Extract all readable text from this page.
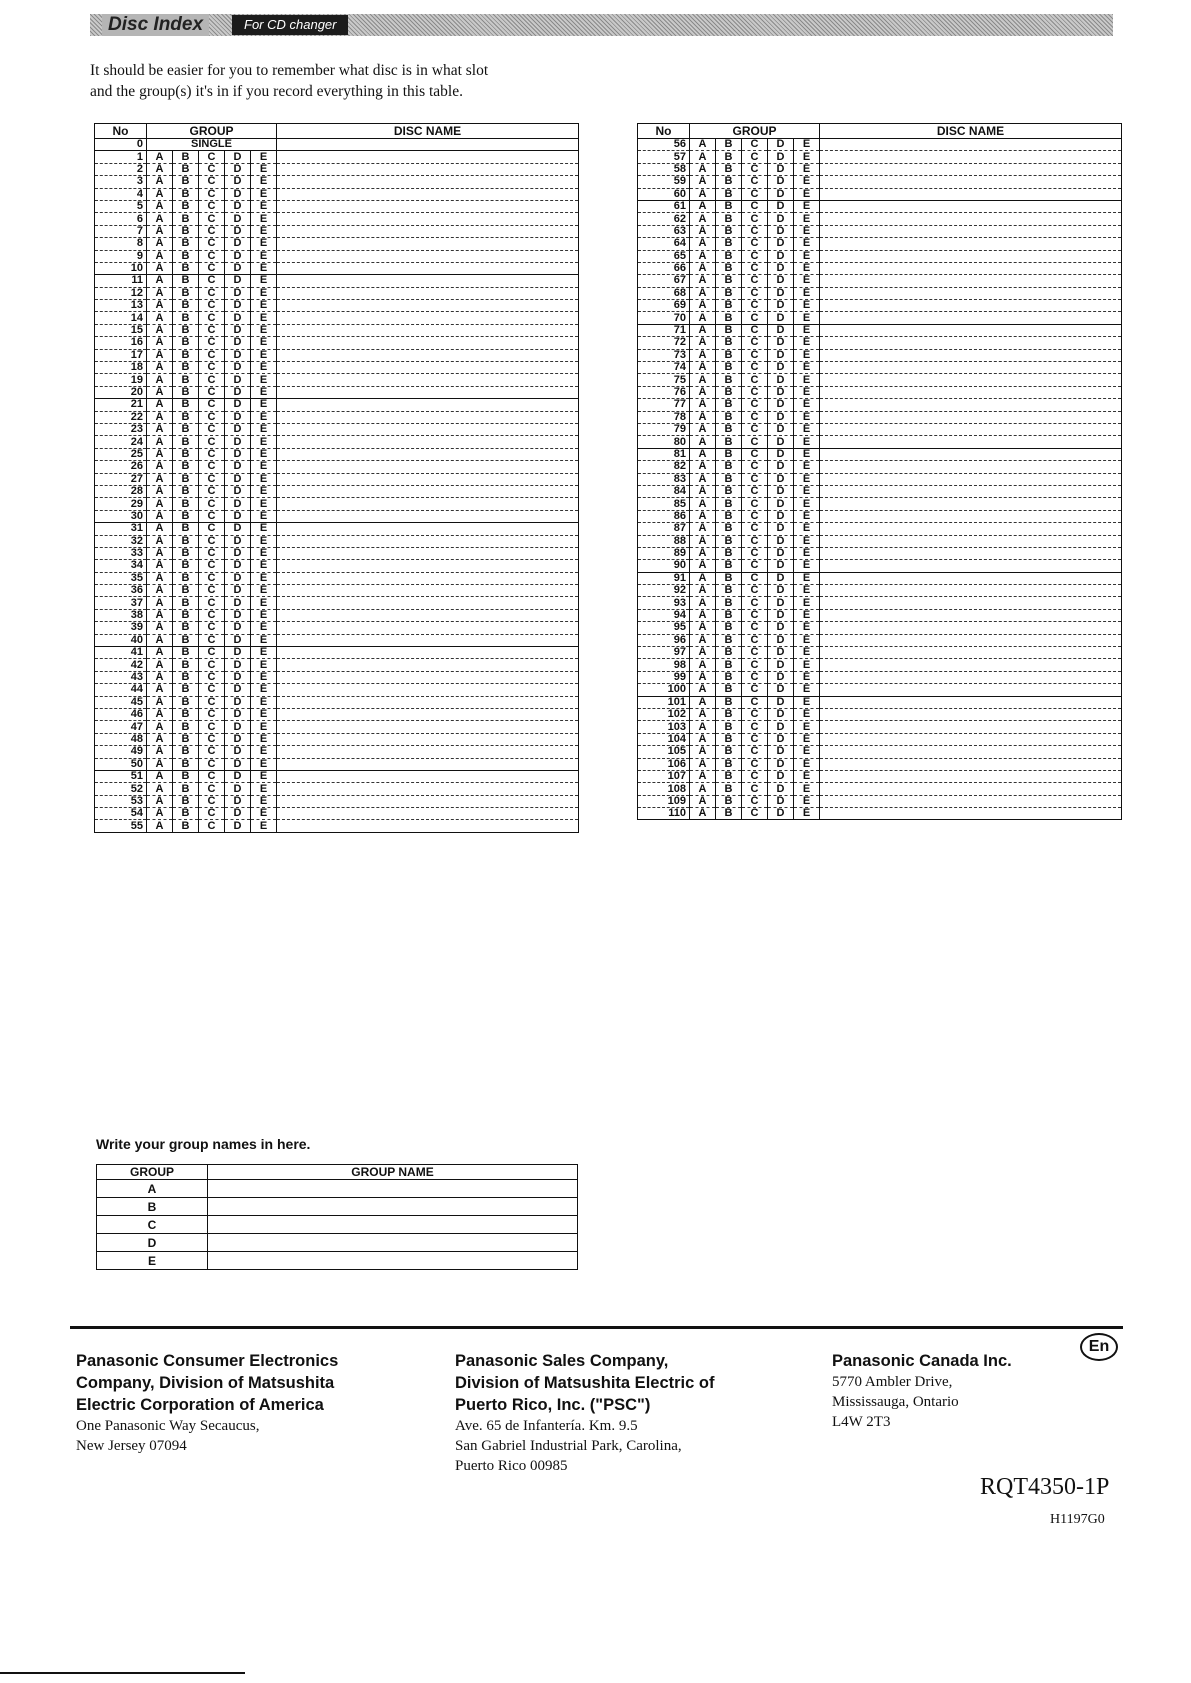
Disc Index	For CD changer
It should be easier for you to remember what disc is in what slot
and the group(s) it's in if you record everything in this table.
No	GROUP					DISC NAME
0	SINGLE					
1	A	B	C	D	E	
2	A	B	C	D	E	
3	A	B	C	D	E	
4	A	B	C	D	E	
5	A	B	C	D	E	
6	A	B	C	D	E	
7	A	B	C	D	E	
8	A	B	C	D	E	
9	A	B	C	D	E	
10	A	B	C	D	E	
11	A	B	C	D	E	
12	A	B	C	D	E	
13	A	B	C	D	E	
14	A	B	C	D	E	
15	A	B	C	D	E	
16	A	B	C	D	E	
17	A	B	C	D	E	
18	A	B	C	D	E	
19	A	B	C	D	E	
20	A	B	C	D	E	
21	A	B	C	D	E	
22	A	B	C	D	E	
23	A	B	C	D	E	
24	A	B	C	D	E	
25	A	B	C	D	E	
26	A	B	C	D	E	
27	A	B	C	D	E	
28	A	B	C	D	E	
29	A	B	C	D	E	
30	A	B	C	D	E	
31	A	B	C	D	E	
32	A	B	C	D	E	
33	A	B	C	D	E	
34	A	B	C	D	E	
35	A	B	C	D	E	
36	A	B	C	D	E	
37	A	B	C	D	E	
38	A	B	C	D	E	
39	A	B	C	D	E	
40	A	B	C	D	E	
41	A	B	C	D	E	
42	A	B	C	D	E	
43	A	B	C	D	E	
44	A	B	C	D	E	
45	A	B	C	D	E	
46	A	B	C	D	E	
47	A	B	C	D	E	
48	A	B	C	D	E	
49	A	B	C	D	E	
50	A	B	C	D	E	
51	A	B	C	D	E	
52	A	B	C	D	E	
53	A	B	C	D	E	
54	A	B	C	D	E	
55	A	B	C	D	E	
No	GROUP					DISC NAME
56	A	B	C	D	E	
57	A	B	C	D	E	
58	A	B	C	D	E	
59	A	B	C	D	E	
60	A	B	C	D	E	
61	A	B	C	D	E	
62	A	B	C	D	E	
63	A	B	C	D	E	
64	A	B	C	D	E	
65	A	B	C	D	E	
66	A	B	C	D	E	
67	A	B	C	D	E	
68	A	B	C	D	E	
69	A	B	C	D	E	
70	A	B	C	D	E	
71	A	B	C	D	E	
72	A	B	C	D	E	
73	A	B	C	D	E	
74	A	B	C	D	E	
75	A	B	C	D	E	
76	A	B	C	D	E	
77	A	B	C	D	E	
78	A	B	C	D	E	
79	A	B	C	D	E	
80	A	B	C	D	E	
81	A	B	C	D	E	
82	A	B	C	D	E	
83	A	B	C	D	E	
84	A	B	C	D	E	
85	A	B	C	D	E	
86	A	B	C	D	E	
87	A	B	C	D	E	
88	A	B	C	D	E	
89	A	B	C	D	E	
90	A	B	C	D	E	
91	A	B	C	D	E	
92	A	B	C	D	E	
93	A	B	C	D	E	
94	A	B	C	D	E	
95	A	B	C	D	E	
96	A	B	C	D	E	
97	A	B	C	D	E	
98	A	B	C	D	E	
99	A	B	C	D	E	
100	A	B	C	D	E	
101	A	B	C	D	E	
102	A	B	C	D	E	
103	A	B	C	D	E	
104	A	B	C	D	E	
105	A	B	C	D	E	
106	A	B	C	D	E	
107	A	B	C	D	E	
108	A	B	C	D	E	
109	A	B	C	D	E	
110	A	B	C	D	E	
Write your group names in here.
GROUP	GROUP NAME
A	
B	
C	
D	
E	
Panasonic Consumer Electronics
Company, Division of Matsushita
Electric Corporation of America
One Panasonic Way Secaucus,
New Jersey 07094
Panasonic Sales Company,
Division of Matsushita Electric of
Puerto Rico, Inc. ("PSC")
Ave. 65 de Infantería. Km. 9.5
San Gabriel Industrial Park, Carolina,
Puerto Rico 00985
Panasonic Canada Inc.
5770 Ambler Drive,
Mississauga, Ontario
L4W 2T3
En
RQT4350-1P
H1197G0
